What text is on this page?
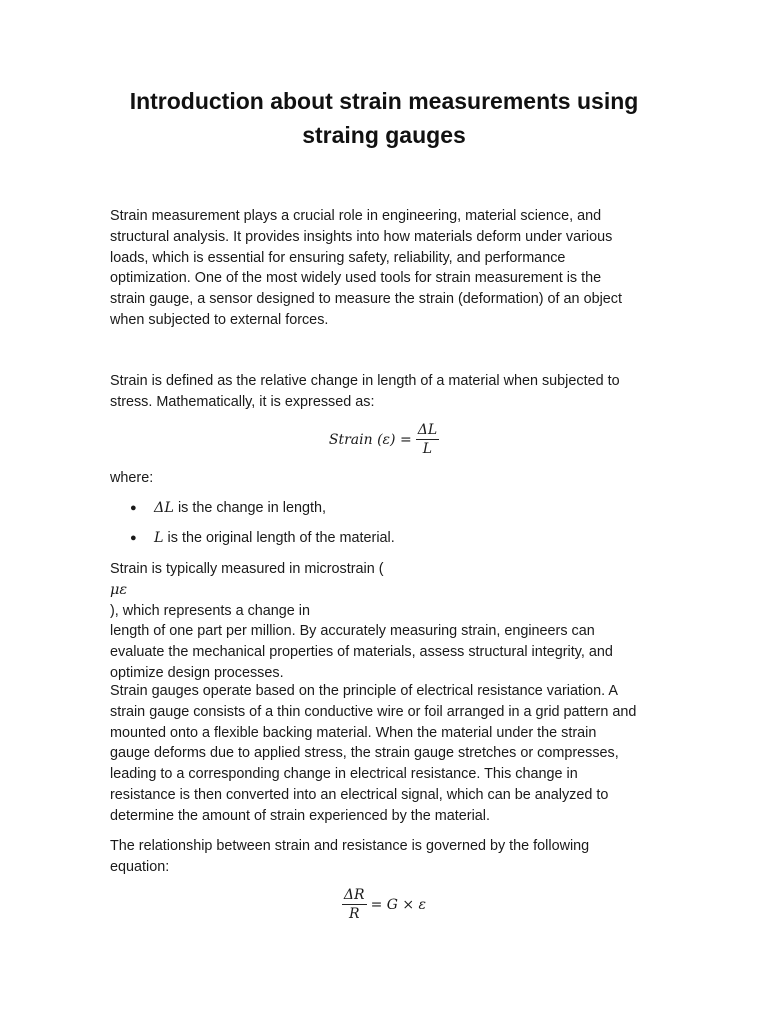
Introduction about strain measurements using
straing gauges

Strain measurement plays a crucial role in engineering, material science, and
structural analysis. It provides insights into how materials deform under various
loads, which is essential for ensuring safety, reliability, and performance
optimization. One of the most widely used tools for strain measurement is the
strain gauge, a sensor designed to measure the strain (deformation) of an object
when subjected to external forces.

Strain is defined as the relative change in length of a material when subjected to
stress. Mathematically, it is expressed as:

Strain $(\varepsilon) = \frac{\Delta L}{L}$

where:

● ΔL is the change in length,
● L is the original length of the material.

Strain is typically measured in microstrain (
με
), which represents a change in
length of one part per million. By accurately measuring strain, engineers can
evaluate the mechanical properties of materials, assess structural integrity, and
optimize design processes.

Strain gauges operate based on the principle of electrical resistance variation. A
strain gauge consists of a thin conductive wire or foil arranged in a grid pattern and
mounted onto a flexible backing material. When the material under the strain
gauge deforms due to applied stress, the strain gauge stretches or compresses,
leading to a corresponding change in electrical resistance. This change in
resistance is then converted into an electrical signal, which can be analyzed to
determine the amount of strain experienced by the material.

The relationship between strain and resistance is governed by the following
equation:

$\frac{\Delta R}{R} = G \times \varepsilon$
